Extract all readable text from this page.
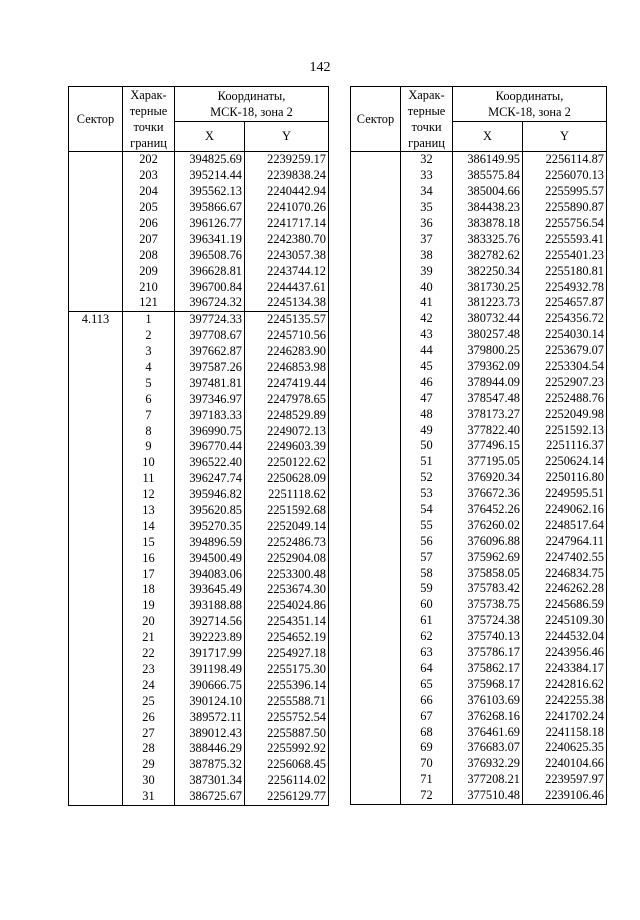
142
Сектор	Харак-
терные
точки
границ	Координаты,
МСК-18, зона 2	
		X	Y
	202	394825.69	2239259.17
	203	395214.44	2239838.24
	204	395562.13	2240442.94
	205	395866.67	2241070.26
	206	396126.77	2241717.14
	207	396341.19	2242380.70
	208	396508.76	2243057.38
	209	396628.81	2243744.12
	210	396700.84	2244437.61
	121	396724.32	2245134.38
4.113	1	397724.33	2245135.57
	2	397708.67	2245710.56
	3	397662.87	2246283.90
	4	397587.26	2246853.98
	5	397481.81	2247419.44
	6	397346.97	2247978.65
	7	397183.33	2248529.89
	8	396990.75	2249072.13
	9	396770.44	2249603.39
	10	396522.40	2250122.62
	11	396247.74	2250628.09
	12	395946.82	2251118.62
	13	395620.85	2251592.68
	14	395270.35	2252049.14
	15	394896.59	2252486.73
	16	394500.49	2252904.08
	17	394083.06	2253300.48
	18	393645.49	2253674.30
	19	393188.88	2254024.86
	20	392714.56	2254351.14
	21	392223.89	2254652.19
	22	391717.99	2254927.18
	23	391198.49	2255175.30
	24	390666.75	2255396.14
	25	390124.10	2255588.71
	26	389572.11	2255752.54
	27	389012.43	2255887.50
	28	388446.29	2255992.92
	29	387875.32	2256068.45
	30	387301.34	2256114.02
	31	386725.67	2256129.77
Сектор	Харак-
терные
точки
границ	Координаты,
МСК-18, зона 2	
		X	Y
	32	386149.95	2256114.87
	33	385575.84	2256070.13
	34	385004.66	2255995.57
	35	384438.23	2255890.87
	36	383878.18	2255756.54
	37	383325.76	2255593.41
	38	382782.62	2255401.23
	39	382250.34	2255180.81
	40	381730.25	2254932.78
	41	381223.73	2254657.87
	42	380732.44	2254356.72
	43	380257.48	2254030.14
	44	379800.25	2253679.07
	45	379362.09	2253304.54
	46	378944.09	2252907.23
	47	378547.48	2252488.76
	48	378173.27	2252049.98
	49	377822.40	2251592.13
	50	377496.15	2251116.37
	51	377195.05	2250624.14
	52	376920.34	2250116.80
	53	376672.36	2249595.51
	54	376452.26	2249062.16
	55	376260.02	2248517.64
	56	376096.88	2247964.11
	57	375962.69	2247402.55
	58	375858.05	2246834.75
	59	375783.42	2246262.28
	60	375738.75	2245686.59
	61	375724.38	2245109.30
	62	375740.13	2244532.04
	63	375786.17	2243956.46
	64	375862.17	2243384.17
	65	375968.17	2242816.62
	66	376103.69	2242255.38
	67	376268.16	2241702.24
	68	376461.69	2241158.18
	69	376683.07	2240625.35
	70	376932.29	2240104.66
	71	377208.21	2239597.97
	72	377510.48	2239106.46
